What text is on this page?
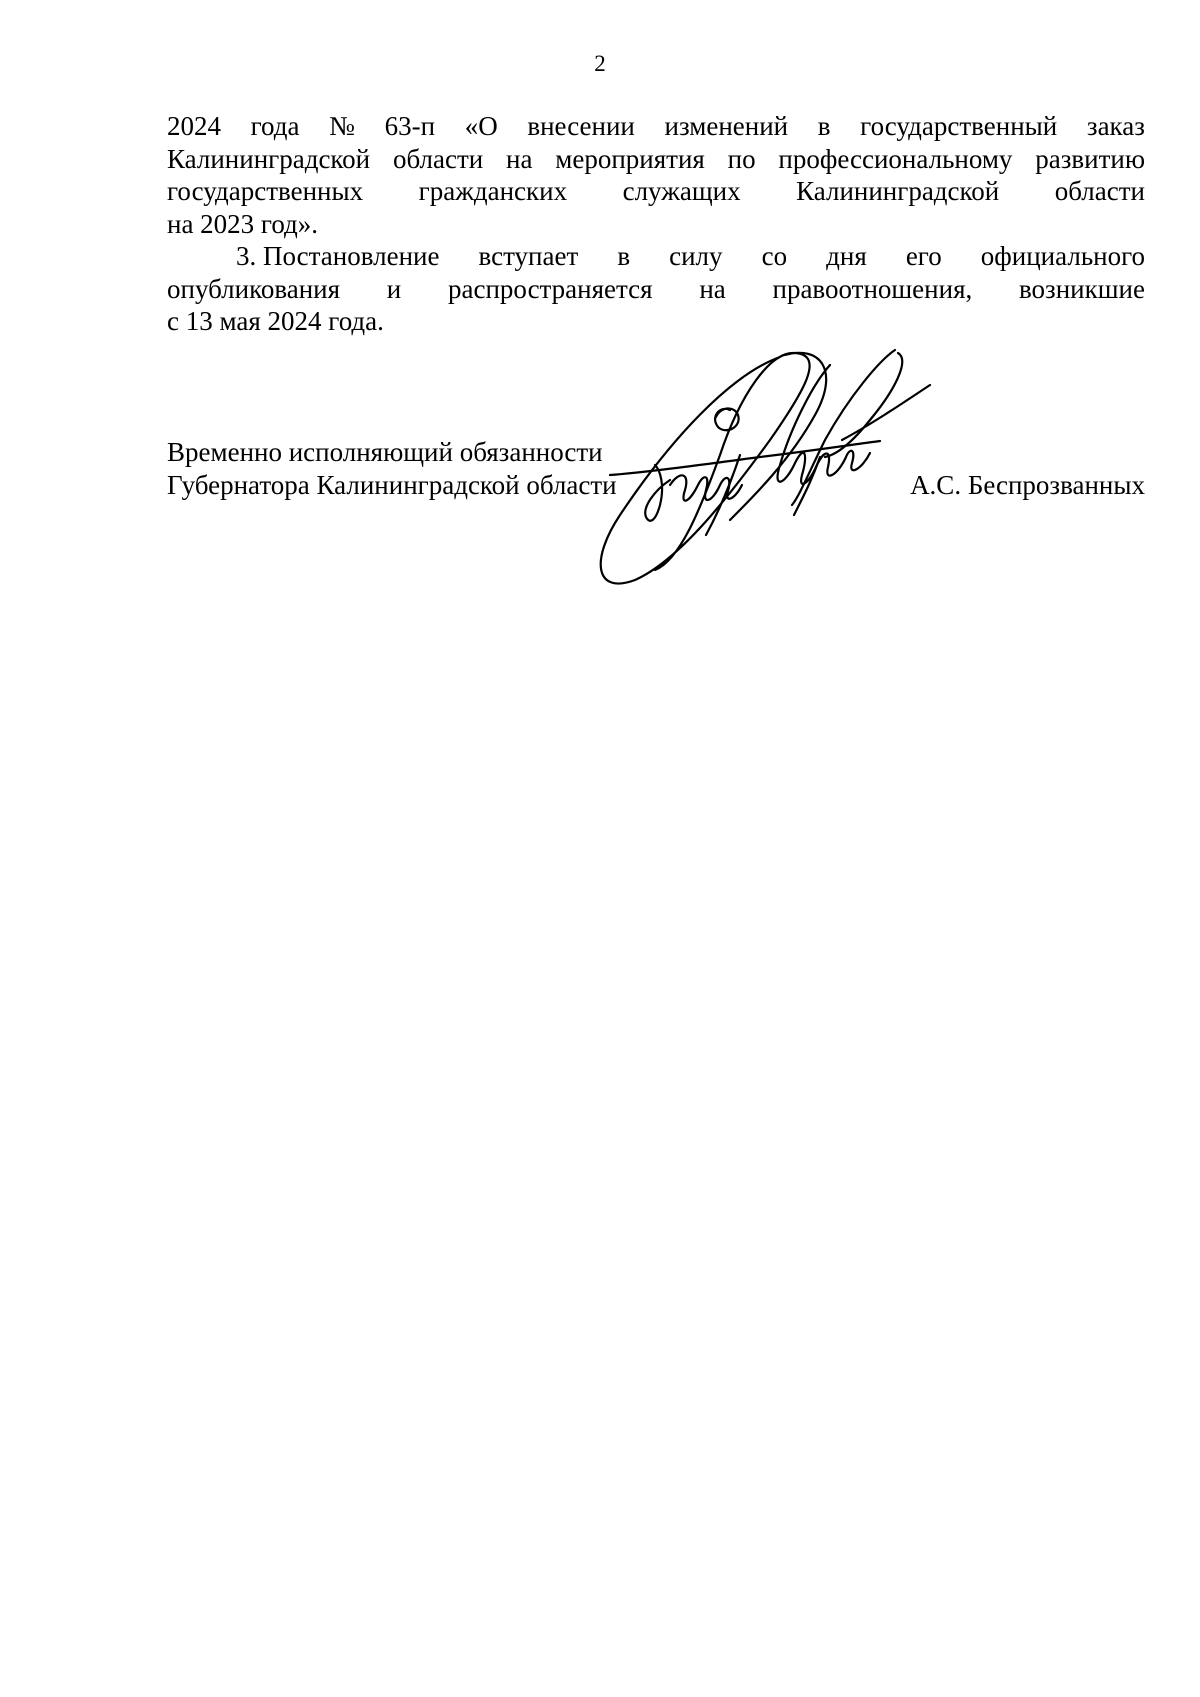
2
2024 года № 63-п «О внесении изменений в государственный заказ
Калининградской области на мероприятия по профессиональному развитию
государственных гражданских служащих Калининградской области
на 2023 год».
3. Постановление вступает в силу со дня его официального
опубликования и распространяется на правоотношения, возникшие
с 13 мая 2024 года.
Временно исполняющий обязанности
Губернатора Калининградской области	А.С. Беспрозванных
